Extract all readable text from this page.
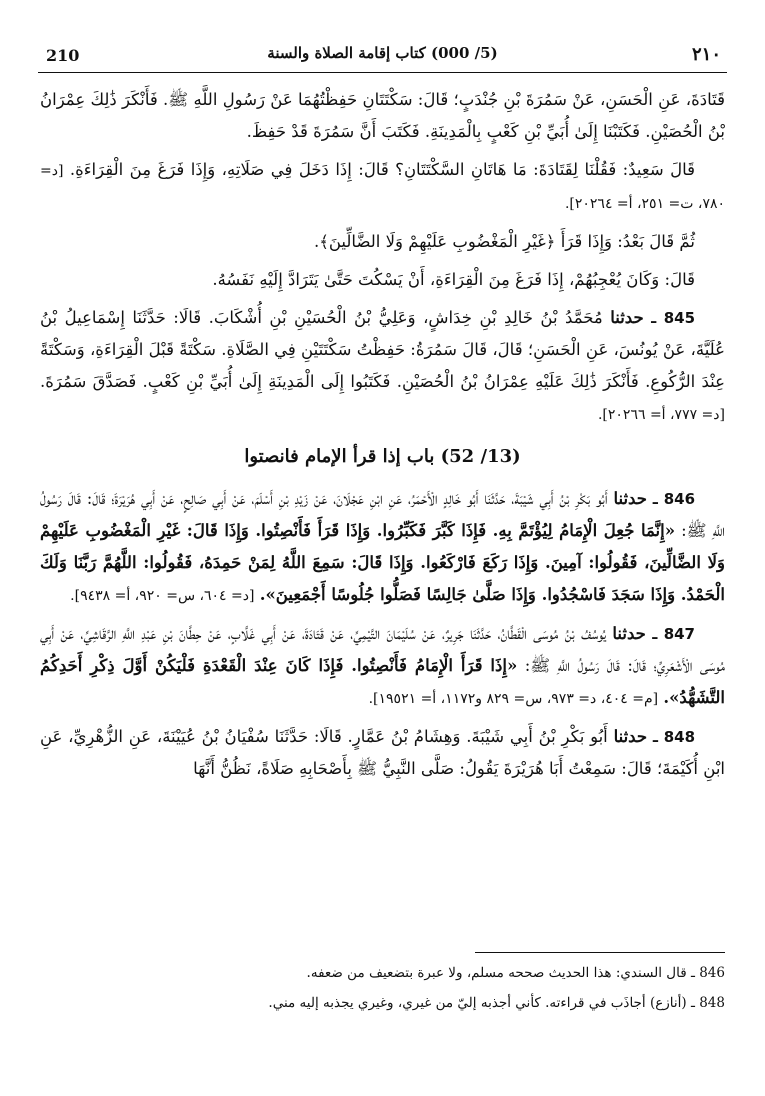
210	(5/ 000) كتاب إقامة الصلاة والسنة	٢١٠

قَتَادَةَ، عَنِ الْحَسَنِ، عَنْ سَمُرَةَ بْنِ جُنْدَبٍ؛ قَالَ: سَكْتَتَانِ حَفِظْتُهُمَا عَنْ رَسُولِ اللَّهِ ﷺ. فَأَنْكَرَ ذَٰلِكَ عِمْرَانُ بْنُ الْحُصَيْنِ. فَكَتَبْنَا إِلَىٰ أُبَيِّ بْنِ كَعْبٍ بِالْمَدِينَةِ. فَكَتَبَ أَنَّ سَمُرَةَ قَدْ حَفِظَ.

قَالَ سَعِيدٌ: فَقُلْنَا لِقَتَادَةَ: مَا هَاتَانِ السَّكْتَتَانِ؟ قَالَ: إِذَا دَخَلَ فِي صَلَاتِهِ، وَإِذَا فَرَغَ مِنَ الْقِرَاءَةِ. [د= ٧٨٠، ت= ٢٥١، أ= ٢٠٢٦٤].

ثُمَّ قَالَ بَعْدُ: وَإِذَا قَرَأَ ﴿غَيْرِ الْمَغْضُوبِ عَلَيْهِمْ وَلَا الضَّالِّينَ﴾.

قَالَ: وَكَانَ يُعْجِبُهُمْ، إِذَا فَرَغَ مِنَ الْقِرَاءَةِ، أَنْ يَسْكُتَ حَتَّىٰ يَتَرَادَّ إِلَيْهِ نَفَسُهُ.

845 ـ حدثنا مُحَمَّدُ بْنُ خَالِدِ بْنِ خِدَاشٍ، وَعَلِيُّ بْنُ الْحُسَيْنِ بْنِ أُشْكَابَ. قَالَا: حَدَّثَنَا إِسْمَاعِيلُ بْنُ عُلَيَّةَ، عَنْ يُونُسَ، عَنِ الْحَسَنِ؛ قَالَ، قَالَ سَمُرَةُ: حَفِظْتُ سَكْتَتَيْنِ فِي الصَّلَاةِ. سَكْتَةً قَبْلَ الْقِرَاءَةِ، وَسَكْتَةً عِنْدَ الرُّكُوعِ. فَأَنْكَرَ ذَٰلِكَ عَلَيْهِ عِمْرَانُ بْنُ الْحُصَيْنِ. فَكَتَبُوا إِلَى الْمَدِينَةِ إِلَىٰ أُبَيِّ بْنِ كَعْبٍ. فَصَدَّقَ سَمُرَةَ. [د= ٧٧٧، أ= ٢٠٢٦٦].

(13/ 52) باب إذا قرأ الإمام فانصتوا

846 ـ حدثنا أَبُو بَكْرِ بْنُ أَبِي شَيْبَةَ، حَدَّثَنَا أَبُو خَالِدٍ الْأَحْمَرُ، عَنِ ابْنِ عَجْلَانَ، عَنْ زَيْدِ بْنِ أَسْلَمَ، عَنْ أَبِي صَالِحٍ، عَنْ أَبِي هُرَيْرَةَ؛ قَالَ: قَالَ رَسُولُ اللَّهِ ﷺ: «إِنَّمَا جُعِلَ الْإِمَامُ لِيُؤْتَمَّ بِهِ. فَإِذَا كَبَّرَ فَكَبِّرُوا. وَإِذَا قَرَأَ فَأَنْصِتُوا. وَإِذَا قَالَ: غَيْرِ الْمَغْضُوبِ عَلَيْهِمْ وَلَا الضَّالِّينَ، فَقُولُوا: آمِينَ. وَإِذَا رَكَعَ فَارْكَعُوا. وَإِذَا قَالَ: سَمِعَ اللَّهُ لِمَنْ حَمِدَهُ، فَقُولُوا: اللَّهُمَّ رَبَّنَا وَلَكَ الْحَمْدُ. وَإِذَا سَجَدَ فَاسْجُدُوا. وَإِذَا صَلَّىٰ جَالِسًا فَصَلُّوا جُلُوسًا أَجْمَعِينَ». [د= ٦٠٤، س= ٩٢٠، أ= ٩٤٣٨].

847 ـ حدثنا يُوسُفُ بْنُ مُوسَى الْقَطَّانُ، حَدَّثَنَا جَرِيرٌ، عَنْ سُلَيْمَانَ التَّيْمِيِّ، عَنْ قَتَادَةَ، عَنْ أَبِي غَلَّابٍ، عَنْ حِطَّانَ بْنِ عَبْدِ اللَّهِ الرَّقَاشِيِّ، عَنْ أَبِي مُوسَى الْأَشْعَرِيِّ؛ قَالَ: قَالَ رَسُولُ اللَّهِ ﷺ: «إِذَا قَرَأَ الْإِمَامُ فَأَنْصِتُوا. فَإِذَا كَانَ عِنْدَ الْقَعْدَةِ فَلْيَكُنْ أَوَّلَ ذِكْرِ أَحَدِكُمُ التَّشَهُّدُ». [م= ٤٠٤، د= ٩٧٣، س= ٨٢٩ و١١٧٢، أ= ١٩٥٢١].

848 ـ حدثنا أَبُو بَكْرِ بْنُ أَبِي شَيْبَةَ. وَهِشَامُ بْنُ عَمَّارٍ. قَالَا: حَدَّثَنَا سُفْيَانُ بْنُ عُيَيْنَةَ، عَنِ الزُّهْرِيِّ، عَنِ ابْنِ أُكَيْمَةَ؛ قَالَ: سَمِعْتُ أَبَا هُرَيْرَةَ يَقُولُ: صَلَّى النَّبِيُّ ﷺ بِأَصْحَابِهِ صَلَاةً، نَظُنُّ أَنَّهَا

846 ـ قال السندي: هذا الحديث صححه مسلم، ولا عبرة بتضعيف من ضعفه.

848 ـ (أنازع) أجاذَب في قراءته. كأني أجذبه إليّ من غيري، وغيري يجذبه إليه مني.
